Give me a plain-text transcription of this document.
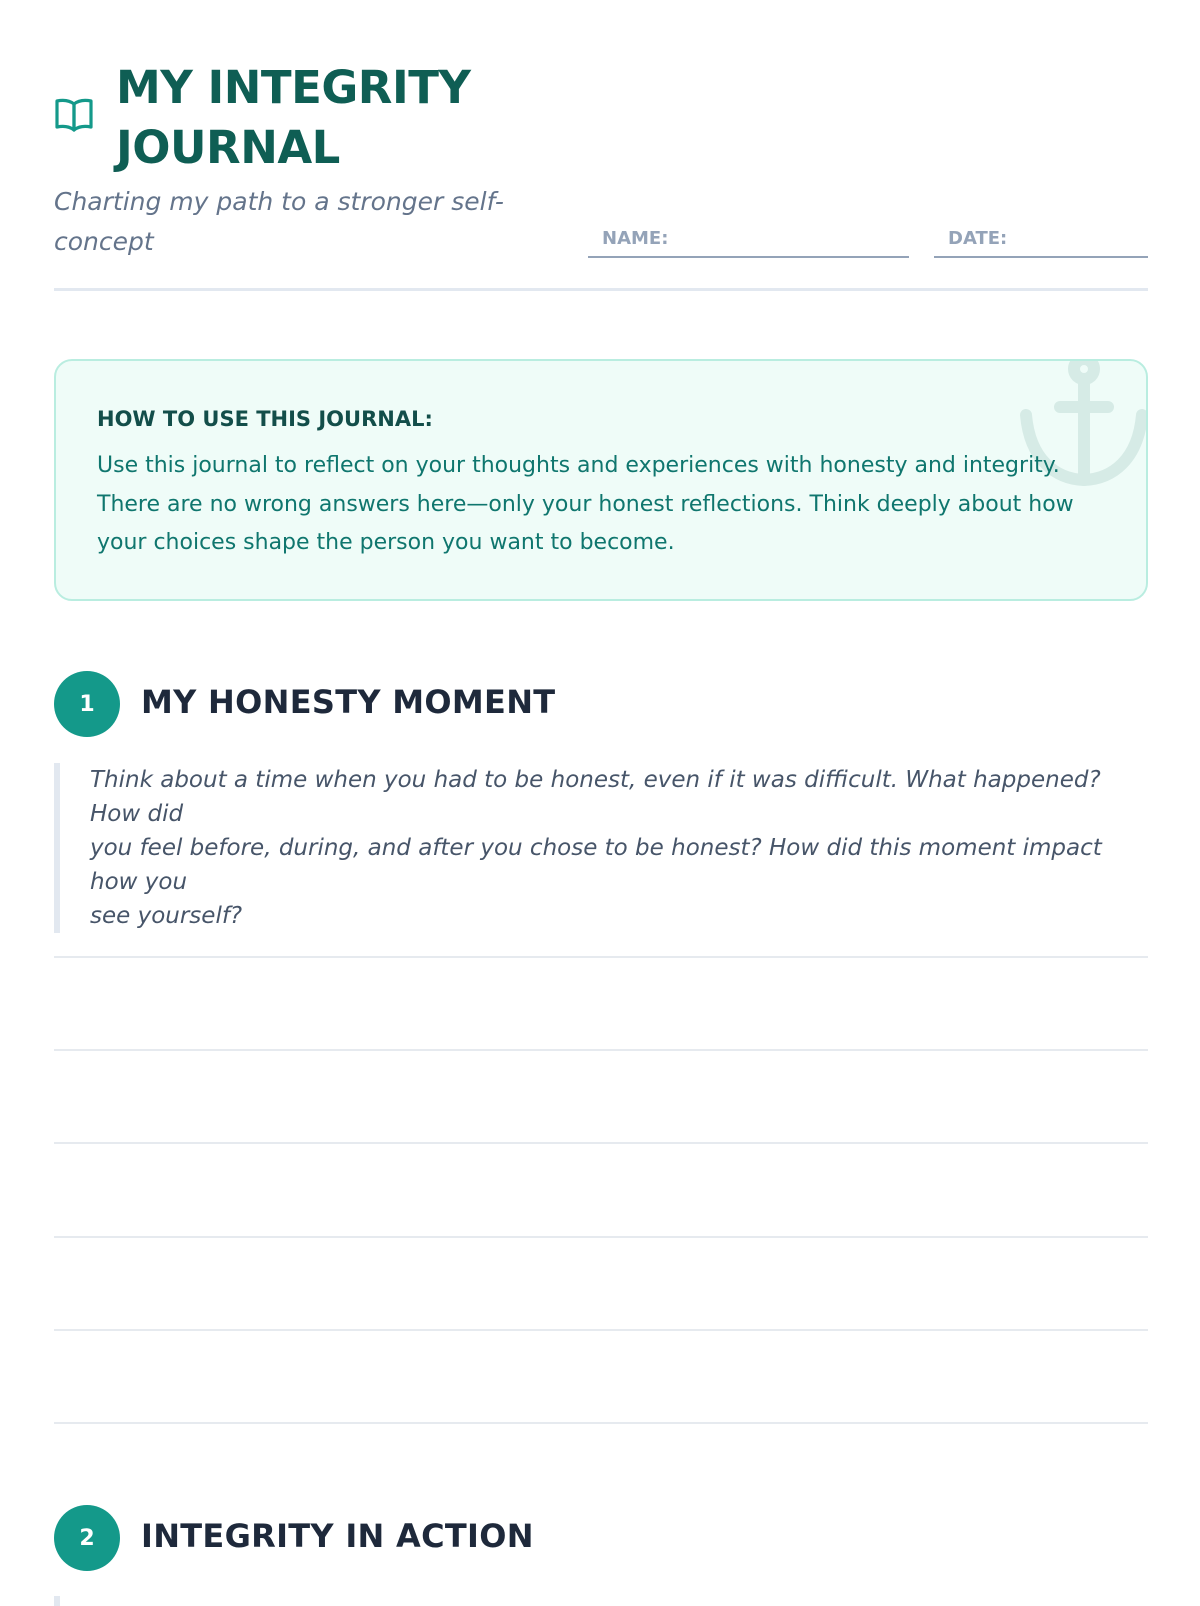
MY INTEGRITY
JOURNAL

Charting my path to a stronger self-
concept	NAME:	DATE:
HOW TO USE THIS JOURNAL:

Use this journal to reflect on your thoughts and experiences with honesty and integrity.
There are no wrong answers here—only your honest reflections. Think deeply about how
your choices shape the person you want to become.

1	MY HONESTY MOMENT

Think about a time when you had to be honest, even if it was difficult. What happened? How did
you feel before, during, and after you chose to be honest? How did this moment impact how you
see yourself?

2	INTEGRITY IN ACTION
